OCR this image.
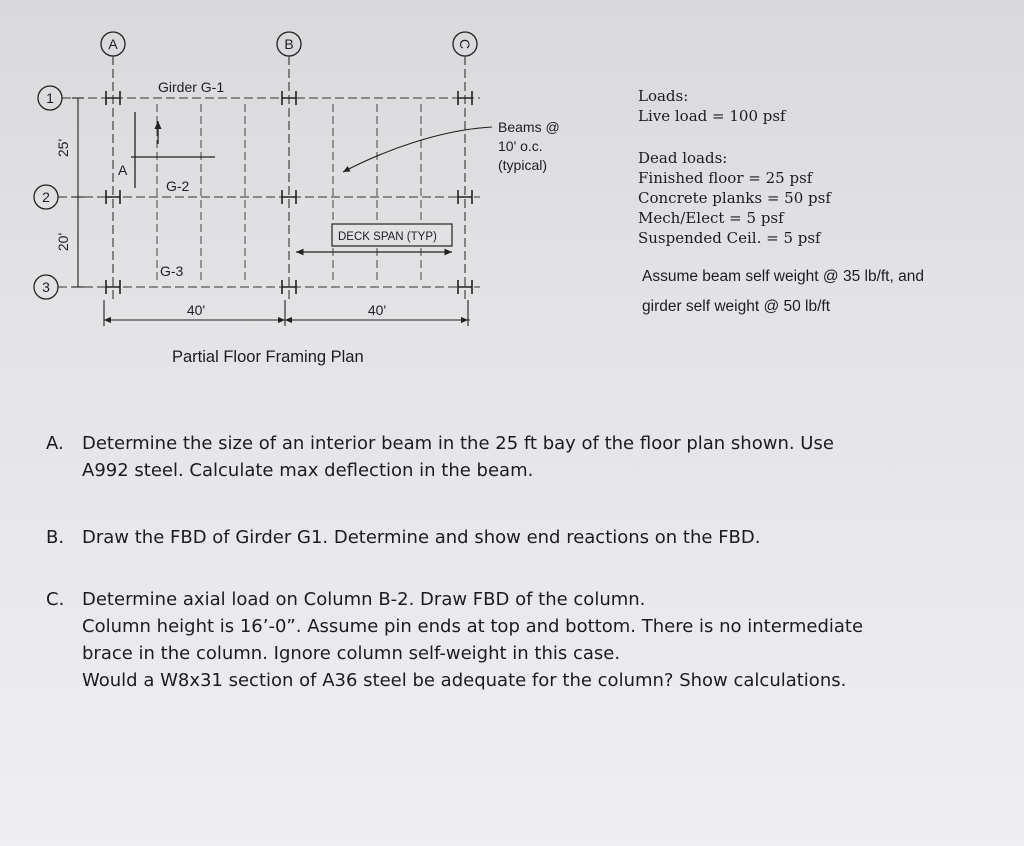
A	B	C
1
2
3
A
Girder G-1
G-2
G-3
Beams @
10' o.c.
(typical)
DECK SPAN (TYP)
25'
20'
40'	40'
Loads:
Live load = 100 psf
Dead loads:
Finished floor = 25 psf
Concrete planks = 50 psf
Mech/Elect = 5 psf
Suspended Ceil. = 5 psf
Assume beam self weight @ 35 lb/ft, and
girder self weight @ 50 lb/ft
Partial Floor Framing Plan
A.	Determine the size of an interior beam in the 25 ft bay of the floor plan shown. Use
A992 steel. Calculate max deflection in the beam.
B. Draw the FBD of Girder G1. Determine and show end reactions on the FBD.
C. Determine axial load on Column B-2. Draw FBD of the column.
Column height is 16’-0”. Assume pin ends at top and bottom. There is no intermediate
brace in the column. Ignore column self-weight in this case.
Would a W8x31 section of A36 steel be adequate for the column? Show calculations.
